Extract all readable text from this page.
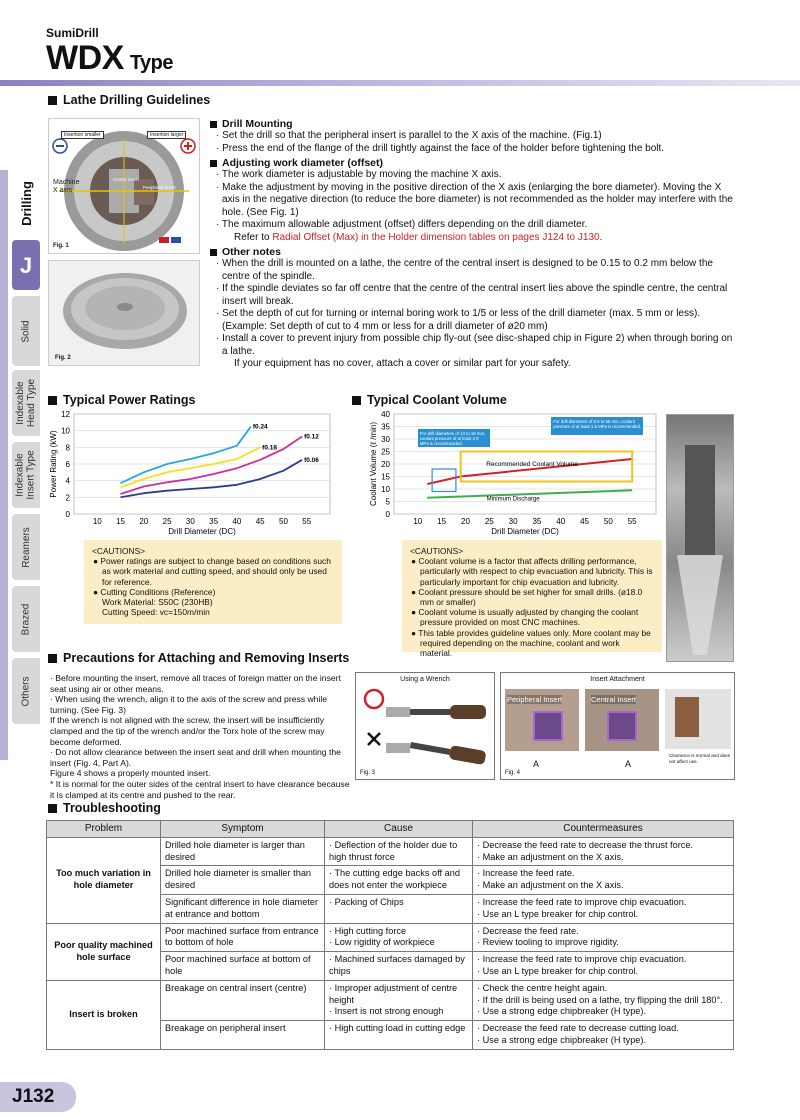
SumiDrill
WDX Type
Drilling
J
Solid
Indexable
Head Type
Indexable
Insert Type
Reamers
Brazed
Others
Lathe Drilling Guidelines
Insertion smaller	Insertion larger
Machine X axis
Centre insert
Peripheral insert
Fig. 1
Fig. 2
Drill Mounting
· Set the drill so that the peripheral insert is parallel to the X axis of the machine. (Fig.1)
· Press the end of the flange of the drill tightly against the face of the holder before tightening the bolt.
Adjusting work diameter (offset)
· The work diameter is adjustable by moving the machine X axis.
· Make the adjustment by moving in the positive direction of the X axis (enlarging the bore diameter). Moving the X axis in the negative direction (to reduce the bore diameter) is not recommended as the holder may interfere with the hole. (See Fig. 1)
· The maximum allowable adjustment (offset) differs depending on the drill diameter.
Refer to Radial Offset (Max) in the Holder dimension tables on pages J124 to J130.
Other notes
· When the drill is mounted on a lathe, the centre of the central insert is designed to be 0.15 to 0.2 mm below the centre of the spindle.
· If the spindle deviates so far off centre that the centre of the central insert lies above the spindle centre, the central insert will break.
· Set the depth of cut for turning or internal boring work to 1/5 or less of the drill diameter (max. 5 mm or less). (Example: Set depth of cut to 4 mm or less for a drill diameter of ø20 mm)
· Install a cover to prevent injury from possible chip fly-out (see disc-shaped chip in Figure 2) when through boring on a lathe.
If your equipment has no cover, attach a cover or similar part for your safety.
Typical Power Ratings
0
2
4
6
8
10
12
10 15 20 25 30 35 40 45 50 55
Drill Diameter (DC)
Power Rating (kW)
f0.24
f0.18
f0.12
f0.06
<CAUTIONS>
● Power ratings are subject to change based on conditions such as work material and cutting speed, and should only be used for reference.
● Cutting Conditions (Reference)
Work Material: S50C (230HB)
Cutting Speed: vc=150m/min
Typical Coolant Volume
0
5
10
15
20
25
30
35
40
10 15 20 25 30 35 40 45 50 55
Drill Diameter (DC)
Coolant Volume (ℓ /min)	For drill diameters of 13 to 18 mm, coolant pressure of at least 2.0 MPa is recommended.
For drill diameters of 8.5 to 55 mm, coolant pressure of at least 1.5 MPa is recommended.
Recommended Coolant Volume
Minimum Discharge
<CAUTIONS>
● Coolant volume is a factor that affects drilling performance, particularly with respect to chip evacuation and lubricity. This is particularly important for chip evacuation and lubricity.
● Coolant pressure should be set higher for small drills. (ø18.0 mm or smaller)
● Coolant volume is usually adjusted by changing the coolant pressure provided on most CNC machines.
● This table provides guideline values only. More coolant may be required depending on the machine, coolant and work material.
Precautions for Attaching and Removing Inserts
· Before mounting the insert, remove all traces of foreign matter on the insert seat using air or other means.
· When using the wrench, align it to the axis of the screw and press while turning. (See Fig. 3)
If the wrench is not aligned with the screw, the insert will be insufficiently clamped and the tip of the wrench and/or the Torx hole of the screw may become deformed.
· Do not allow clearance between the insert seat and drill when mounting the insert (Fig. 4, Part A).
Figure 4 shows a properly mounted insert.
* It is normal for the outer sides of the central insert to have clearance because it is clamped at its centre and pushed to the rear.
Using a Wrench
Fig. 3
Insert Attachment
Peripheral Insert	Central Insert
A	A
Clearance is normal and does not affect use.
Fig. 4
Troubleshooting
Problem	Symptom	Cause	Countermeasures
Too much variation in hole diameter	Drilled hole diameter is larger than desired	· Deflection of the holder due to high thrust force	· Decrease the feed rate to decrease the thrust force.
· Make an adjustment on the X axis.
	Drilled hole diameter is smaller than desired	· The cutting edge backs off and does not enter the workpiece	· Increase the feed rate.
· Make an adjustment on the X axis.
	Significant difference in hole diameter at entrance and bottom	· Packing of Chips	· Increase the feed rate to improve chip evacuation.
· Use an L type breaker for chip control.
Poor quality machined hole surface	Poor machined surface from entrance to bottom of hole	· High cutting force
· Low rigidity of workpiece	· Decrease the feed rate.
· Review tooling to improve rigidity.
	Poor machined surface at bottom of hole	· Machined surfaces damaged by chips	· Increase the feed rate to improve chip evacuation.
· Use an L type breaker for chip control.
Insert is broken	Breakage on central insert (centre)	· Improper adjustment of centre height
· Insert is not strong enough	· Check the centre height again.
· If the drill is being used on a lathe, try flipping the drill 180°.
· Use a strong edge chipbreaker (H type).
	Breakage on peripheral insert	· High cutting load in cutting edge	· Decrease the feed rate to decrease cutting load.
· Use a strong edge chipbreaker (H type).
J132
